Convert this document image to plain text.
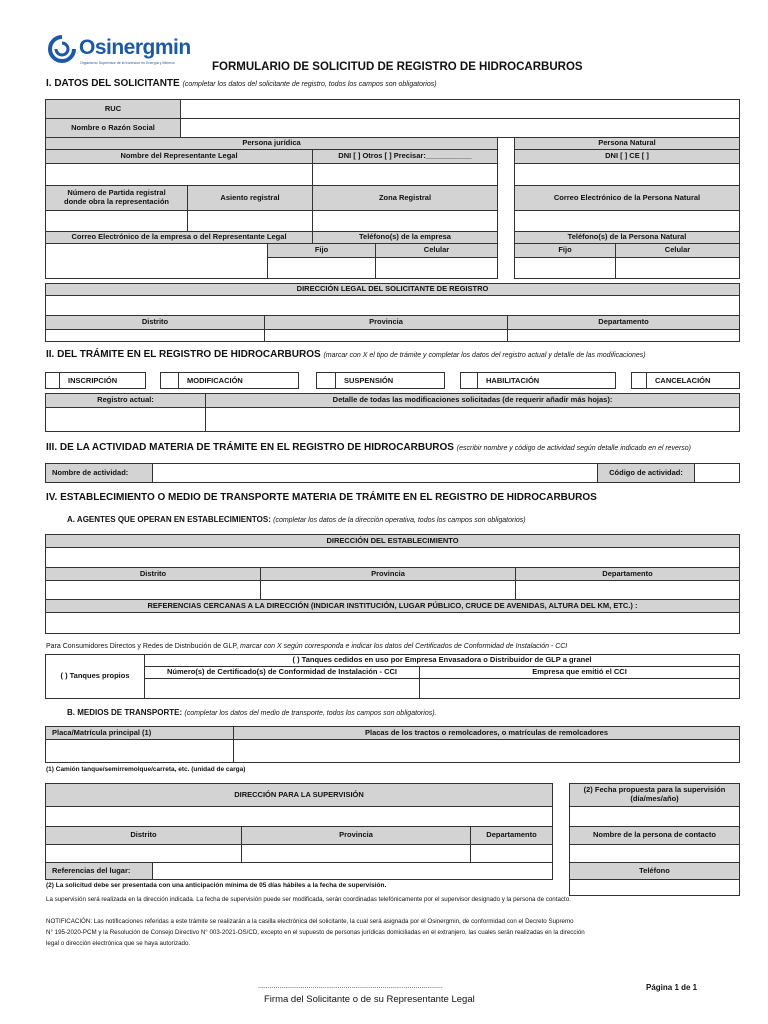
Osinergmin
Organismo Supervisor de la Inversión en Energía y Minería	FORMULARIO DE SOLICITUD DE REGISTRO DE HIDROCARBUROS
I. DATOS DEL SOLICITANTE (completar los datos del solicitante de registro, todos los campos son obligatorios)
RUC
Nombre o Razón Social
Persona jurídica	Persona Natural
Nombre del Representante Legal	DNI [ ] Otros [ ] Precisar:___________	DNI [ ] CE [ ]
Número de Partida registral
donde obra la representación	Asiento registral	Zona Registral	Correo Electrónico de la Persona Natural
Correo Electrónico de la empresa o del Representante Legal	Teléfono(s) de la empresa	Teléfono(s) de la Persona Natural
Fijo	Celular	Fijo	Celular
DIRECCIÓN LEGAL DEL SOLICITANTE DE REGISTRO
Distrito	Provincia	Departamento
II. DEL TRÁMITE EN EL REGISTRO DE HIDROCARBUROS (marcar con X el tipo de trámite y completar los datos del registro actual y detalle de las modificaciones)
INSCRIPCIÓN	MODIFICACIÓN	SUSPENSIÓN	HABILITACIÓN	CANCELACIÓN
Registro actual:	Detalle de todas las modificaciones solicitadas (de requerir añadir más hojas):
III. DE LA ACTIVIDAD MATERIA DE TRÁMITE EN EL REGISTRO DE HIDROCARBUROS (escribir nombre y código de actividad según detalle indicado en el reverso)
Nombre de actividad:	Código de actividad:
IV. ESTABLECIMIENTO O MEDIO DE TRANSPORTE MATERIA DE TRÁMITE EN EL REGISTRO DE HIDROCARBUROS
A. AGENTES QUE OPERAN EN ESTABLECIMIENTOS: (completar los datos de la direcciòn operativa, todos los campos son obligatorios)
DIRECCIÓN DEL ESTABLECIMIENTO
Distrito	Provincia	Departamento
REFERENCIAS CERCANAS A LA DIRECCIÓN (INDICAR INSTITUCIÓN, LUGAR PÚBLICO, CRUCE DE AVENIDAS, ALTURA DEL KM, ETC.) :
Para Consumidores Directos y Redes de Distribución de GLP, marcar con X según corresponda e indicar los datos del Certificados de Conformidad de Instalación - CCI
( ) Tanques propios
( ) Tanques cedidos en uso por Empresa Envasadora o Distribuidor de GLP a granel
Número(s) de Certificado(s) de Conformidad de Instalación - CCI	Empresa que emitió el CCI
B. MEDIOS DE TRANSPORTE: (completar los datos del medio de transporte, todos los campos son obligatorios).
Placa/Matrícula principal (1)	Placas de los tractos o remolcadores, o matrículas de remolcadores
(1) Camión tanque/semirremolque/carreta, etc. (unidad de carga)
DIRECCIÓN PARA LA SUPERVISIÓN
Distrito	Provincia	Departamento
Referencias del lugar:
(2) Fecha propuesta para la supervisión
(día/mes/año)
Nombre de la persona de contacto
Teléfono
(2) La solicitud debe ser presentada con una anticipación mínima de 05 días hábiles a la fecha de supervisión.
La supervisión será realizada en la dirección indicada. La fecha de supervisión puede ser modificada, serán coordinadas telefónicamente por el supervisor designado y la persona de contacto.
NOTIFICACIÓN: Las notificaciones referidas a este trámite se realizarán a la casilla electrónica del solicitante, la cual será asignada por el Osinergmin, de conformidad con el Decreto Supremo
N° 195-2020-PCM y la Resolución de Consejo Directivo N° 003-2021-OS/CD, excepto en el supuesto de personas jurídicas domiciliadas en el extranjero, las cuales serán realizadas en la dirección
legal o dirección electrónica que se haya autorizado.
...............................................................................................
Firma del Solicitante o de su Representante Legal
Página 1 de 1
